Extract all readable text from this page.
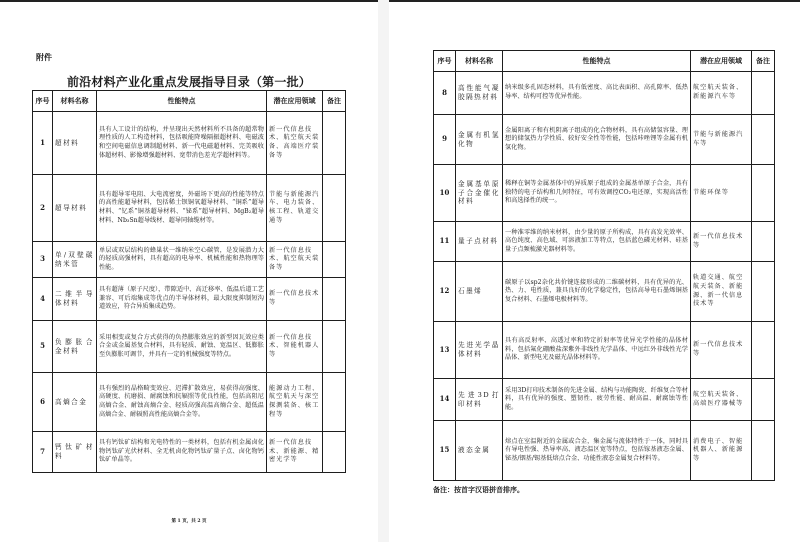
附件
前沿材料产业化重点发展指导目录（第一批）
序号	材料名称	性能特点	潜在应用领域	备注
1	超材料	具有人工设计的结构，并呈现出天然材料所不具备的超常物理性质的人工构造材料，包括吸能降噪隔振超材料、电磁波和空间电磁信息调制超材料、新一代电磁超材料、完美吸收体超材料、影像增强超材料、宽带消色差光学超材料等。	新一代信息技术、航空航天装备、高端医疗装备等	
2	超导材料	具有超导零电阻、大电流密度，外磁场下更高的性能等特点的高性能超导材料，包括稀土钡铜氧超导材料、“铜系”超导材料、“钇系”铜基超导材料、“铋系”超导材料、MgB₂超导材料、Nb₃Sn超导线材、超导同轴缆材等。	节能与新能源汽车、电力装备、核工程、轨道交通等	
3	单/双壁碳纳米管	单层或双层结构的蜂巢状一维纳米空心碳管，是发展潜力大的轻质高强材料，具有超高的电导率、机械性能和热物理等性能。	新一代信息技术、航空航天装备等	
4	二维半导体材料	具有超薄（原子尺度），带隙适中、高迁移率、低温后道工艺兼容、可后端集成等优点的半导体材料，最大限度抑制短沟道效应，符合异质集成趋势。	新一代信息技术等	
5	负膨胀合金材料	采用相变或复合方式获得的负热膨胀效应的新型因瓦效应类合金或金属基复合材料，具有轻质、耐蚀、宽温区、低膨胀至负膨胀可调节，并具有一定的机械强度等特点。	新一代信息技术、智能机器人等	
6	高熵合金	具有强烈的晶格畸变效应、迟滞扩散效应，易获得高强度、高硬度、抗磨损、耐腐蚀和抗辐照等优良性能，包括高阻尼高熵合金、耐蚀高熵合金、轻质高强高温高熵合金、超低温高熵合金、耐辐照高性能高熵合金等。	能源动力工程、航空航天与深空探测装备、核工程等	
7	钙钛矿材料	具有钙钛矿结构和光电特性的一类材料，包括有机金属卤化物钙钛矿光伏材料、全无机卤化物钙钛矿量子点、卤化物钙钛矿单晶等。	新一代信息技术、新能源、精密光学等	
第 1 页，共 2 页
序号	材料名称	性能特点	潜在应用领域	备注
8	高性能气凝胶隔热材料	纳米级多孔固态材料，具有低密度、高比表面积、高孔隙率、低热导率、结构可控等优异性能。	航空航天装备、新能源汽车等	
9	金属有机氢化物	金属阳离子和有机阴离子组成的化合物材料，具有高储氢容量、理想的储氢热力学性质、较好安全性等性能，包括咔唑锂等金属有机氢化物。	节能与新能源汽车等	
10	金属基单原子合金催化材料	稀释在铜等金属基体中的异质原子组成的金属基单原子合金，具有独特的电子结构和几何特征，可有效调控CO₂电还原，实现高活性和高选择性的统一。	节能环保等	
11	量子点材料	一种准零维的纳米材料，由少量的原子所构成，具有高发光效率、高色纯度、高色域、可溶液加工等特点，包括蓝色磷光材料、硅基量子点频梳激光器材料等。	新一代信息技术等	
12	石墨烯	碳原子以sp2杂化共价键连接形成的二维碳材料，具有优异的光、热、力、电性质，兼具良好的化学稳定性，包括高导电石墨烯铜基复合材料、石墨烯电极材料等。	轨道交通、航空航天装备、新能源、新一代信息技术等	
13	先进光学晶体材料	具有高反射率、高透过率和特定折射率等优异光学性能的晶体材料，包括氟化硼酸盐深紫外非线性光学晶体、中远红外非线性光学晶体、新型电光及磁光晶体材料等。	新一代信息技术等	
14	先进3D打印材料	采用3D打印技术制备的先进金属、结构与功能陶瓷、纤维复合等材料，具有优异的强度、塑韧性、疲劳性能、耐高温、耐腐蚀等性能。	航空航天装备、高端医疗器械等	
15	液态金属	熔点在室温附近的金属或合金，集金属与流体特性于一体，同时具有导电性强、热导率高、液态温区宽等特点，包括镓基液态金属、铋基/铟基/锡基低熔点合金、功能性液态金属复合材料等。	消费电子、智能机器人、新能源等	
备注：按首字汉语拼音排序。
